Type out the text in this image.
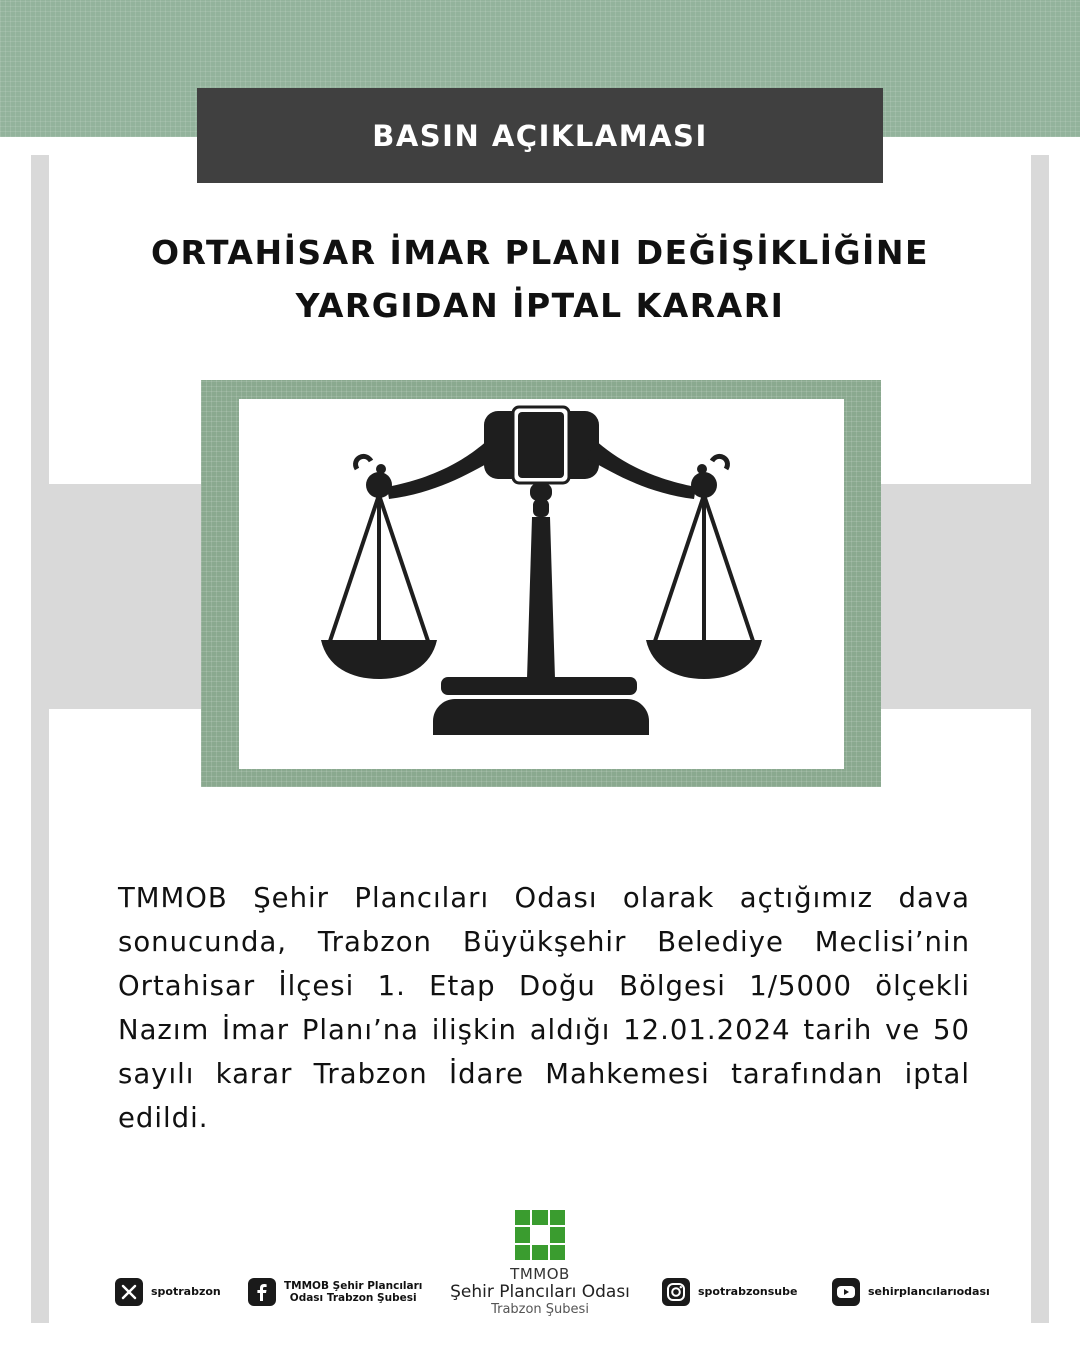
BASIN AÇIKLAMASI
ORTAHİSAR İMAR PLANI DEĞİŞİKLİĞİNE
YARGIDAN İPTAL KARARI

TMMOB Şehir Plancıları Odası olarak açtığımız dava sonucunda, Trabzon Büyükşehir Belediye Meclisi’nin Ortahisar İlçesi 1. Etap Doğu Bölgesi 1/5000 ölçekli Nazım İmar Planı’na ilişkin aldığı 12.01.2024 tarih ve 50 sayılı karar Trabzon İdare Mahkemesi tarafından iptal edildi.

spotrabzon	TMMOB Şehir Plancıları
Odası Trabzon Şubesi
TMMOB
Şehir Plancıları Odası
Trabzon Şubesi
spotrabzonsube	sehirplancılarıodası
